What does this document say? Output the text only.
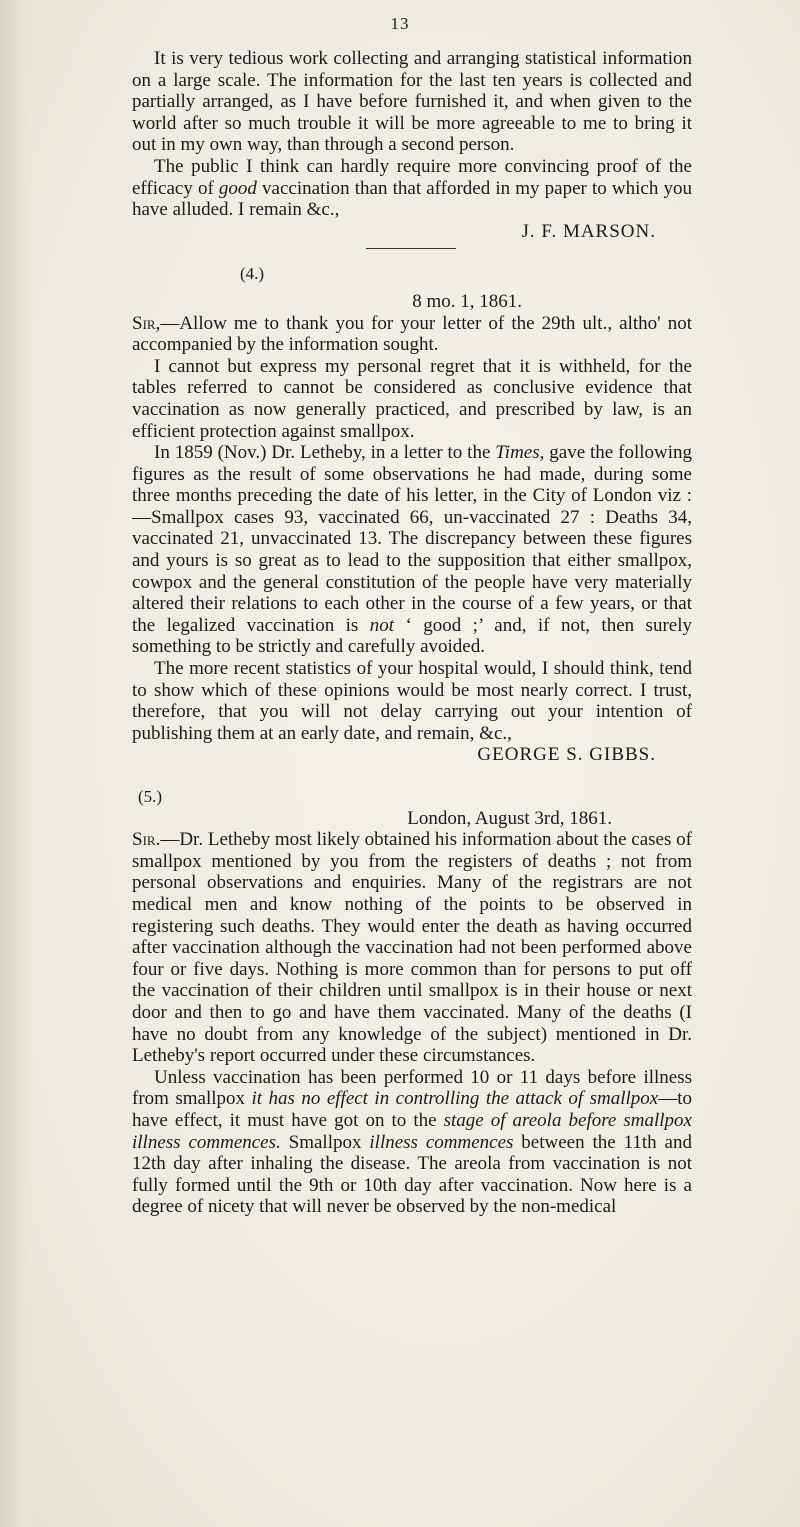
13

It is very tedious work collecting and arranging statistical information on a large scale. The information for the last ten years is collected and partially arranged, as I have before furnished it, and when given to the world after so much trouble it will be more agreeable to me to bring it out in my own way, than through a second person.

The public I think can hardly require more convincing proof of the efficacy of good vaccination than that afforded in my paper to which you have alluded. I remain &c.,

J. F. MARSON.

(4.)

8 mo. 1, 1861.

Sir,—Allow me to thank you for your letter of the 29th ult., altho' not accompanied by the information sought.

I cannot but express my personal regret that it is withheld, for the tables referred to cannot be considered as conclusive evidence that vaccination as now generally practiced, and prescribed by law, is an efficient protection against smallpox.

In 1859 (Nov.) Dr. Letheby, in a letter to the Times, gave the following figures as the result of some observations he had made, during some three months preceding the date of his letter, in the City of London viz :—Smallpox cases 93, vaccinated 66, un-vaccinated 27 : Deaths 34, vaccinated 21, unvaccinated 13. The discrepancy between these figures and yours is so great as to lead to the supposition that either smallpox, cowpox and the general constitution of the people have very materially altered their relations to each other in the course of a few years, or that the legalized vaccination is not ‘ good ;’ and, if not, then surely something to be strictly and carefully avoided.

The more recent statistics of your hospital would, I should think, tend to show which of these opinions would be most nearly correct. I trust, therefore, that you will not delay carrying out your intention of publishing them at an early date, and remain, &c.,

GEORGE S. GIBBS.

(5.)

London, August 3rd, 1861.

Sir.—Dr. Letheby most likely obtained his information about the cases of smallpox mentioned by you from the registers of deaths ; not from personal observations and enquiries. Many of the registrars are not medical men and know nothing of the points to be observed in registering such deaths. They would enter the death as having occurred after vaccination although the vaccination had not been performed above four or five days. Nothing is more common than for persons to put off the vaccination of their children until smallpox is in their house or next door and then to go and have them vaccinated. Many of the deaths (I have no doubt from any knowledge of the subject) mentioned in Dr. Letheby's report occurred under these circumstances.

Unless vaccination has been performed 10 or 11 days before illness from smallpox it has no effect in controlling the attack of smallpox—to have effect, it must have got on to the stage of areola before smallpox illness commences. Smallpox illness commences between the 11th and 12th day after inhaling the disease. The areola from vaccination is not fully formed until the 9th or 10th day after vaccination. Now here is a degree of nicety that will never be observed by the non-medical
